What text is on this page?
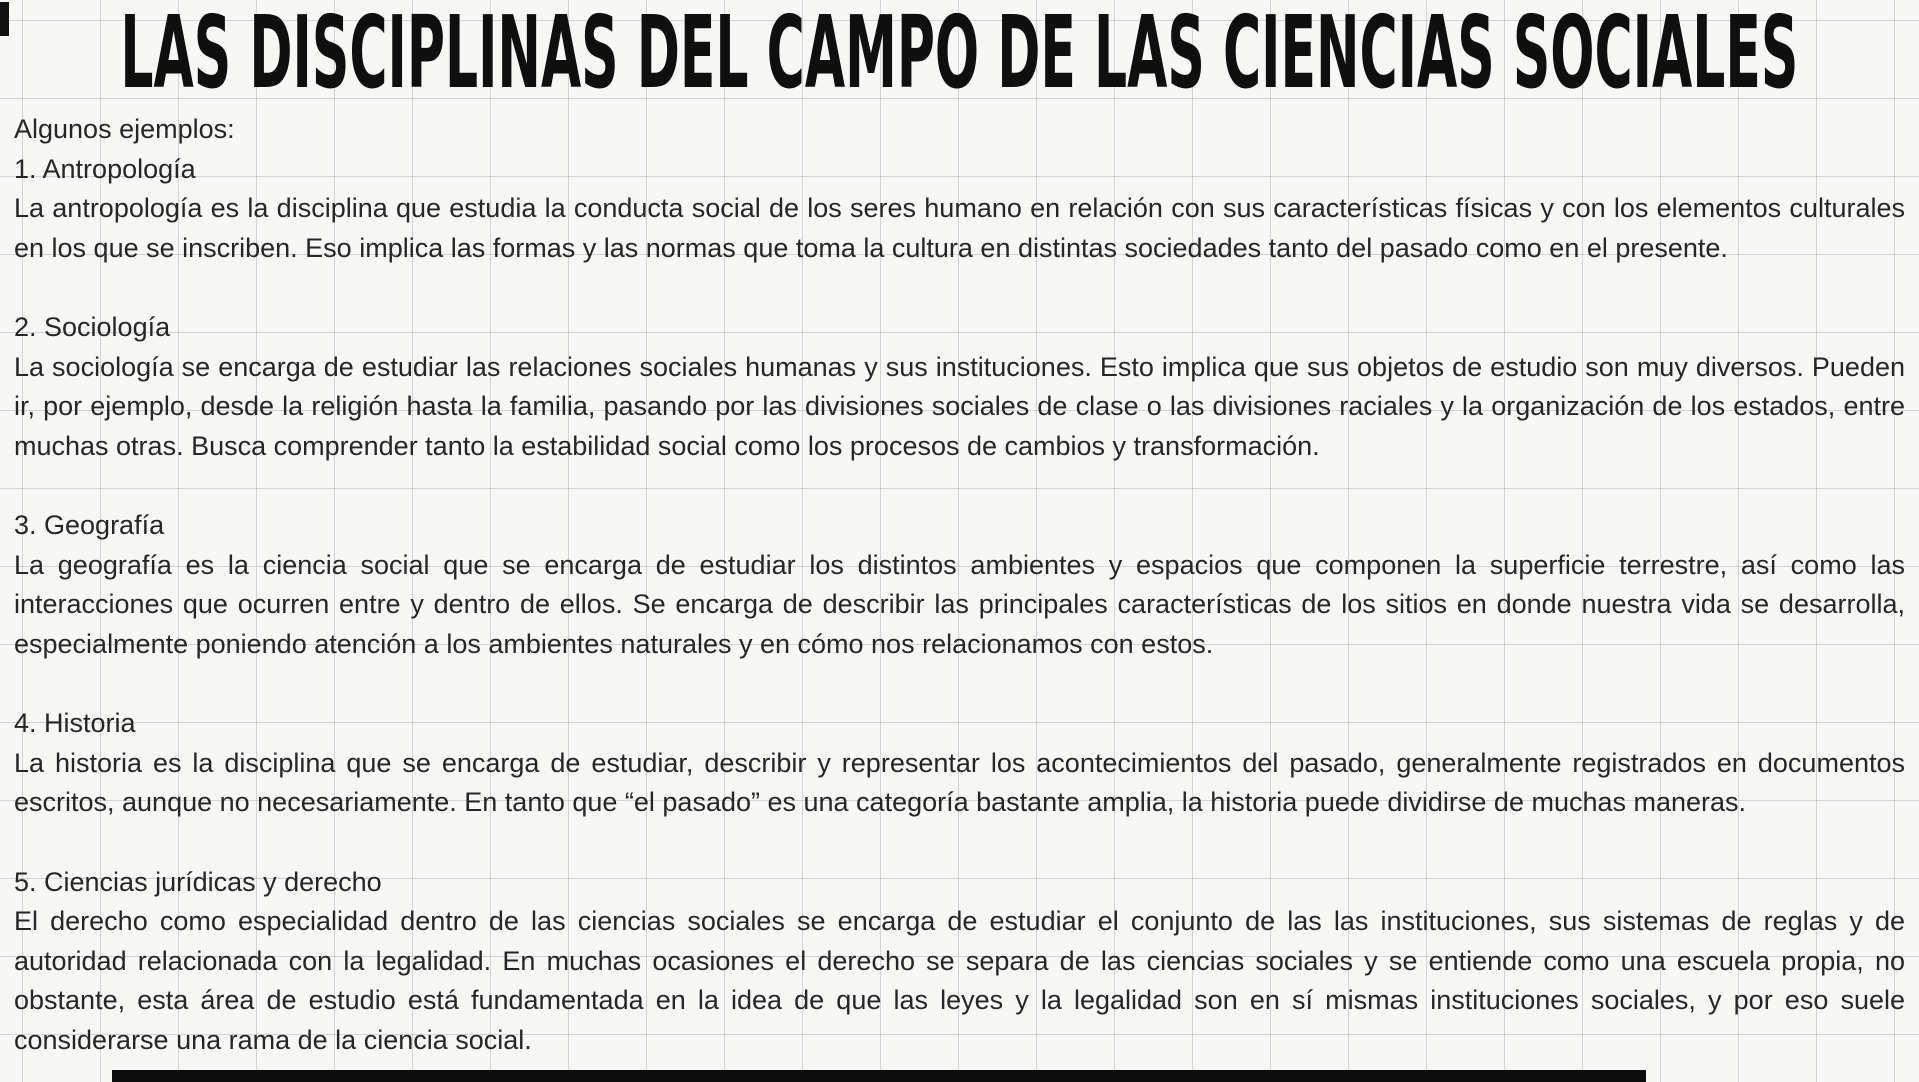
LAS DISCIPLINAS DEL CAMPO DE LAS CIENCIAS SOCIALES

Algunos ejemplos:

1. Antropología

La antropología es la disciplina que estudia la conducta social de los seres humano en relación con sus características físicas y con los elementos culturales en los que se inscriben. Eso implica las formas y las normas que toma la cultura en distintas sociedades tanto del pasado como en el presente.

2. Sociología

La sociología se encarga de estudiar las relaciones sociales humanas y sus instituciones. Esto implica que sus objetos de estudio son muy diversos. Pueden ir, por ejemplo, desde la religión hasta la familia, pasando por las divisiones sociales de clase o las divisiones raciales y la organización de los estados, entre muchas otras. Busca comprender tanto la estabilidad social como los procesos de cambios y transformación.

3. Geografía

La geografía es la ciencia social que se encarga de estudiar los distintos ambientes y espacios que componen la superficie terrestre, así como las interacciones que ocurren entre y dentro de ellos. Se encarga de describir las principales características de los sitios en donde nuestra vida se desarrolla, especialmente poniendo atención a los ambientes naturales y en cómo nos relacionamos con estos.

4. Historia

La historia es la disciplina que se encarga de estudiar, describir y representar los acontecimientos del pasado, generalmente registrados en documentos escritos, aunque no necesariamente. En tanto que “el pasado” es una categoría bastante amplia, la historia puede dividirse de muchas maneras.

5. Ciencias jurídicas y derecho

El derecho como especialidad dentro de las ciencias sociales se encarga de estudiar el conjunto de las las instituciones, sus sistemas de reglas y de autoridad relacionada con la legalidad. En muchas ocasiones el derecho se separa de las ciencias sociales y se entiende como una escuela propia, no obstante, esta área de estudio está fundamentada en la idea de que las leyes y la legalidad son en sí mismas instituciones sociales, y por eso suele considerarse una rama de la ciencia social.
